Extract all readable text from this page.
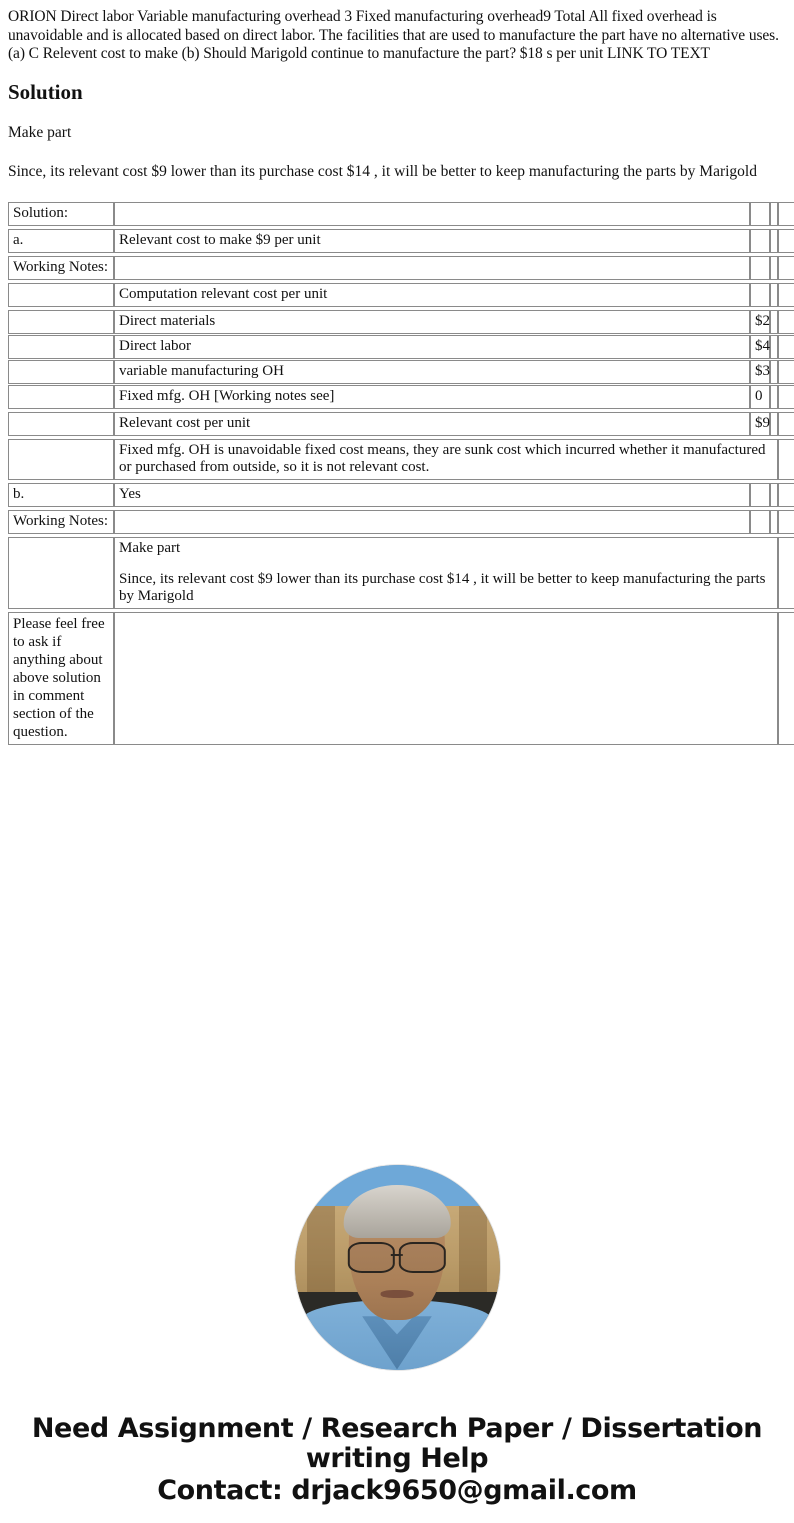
ORION Direct labor Variable manufacturing overhead 3 Fixed manufacturing overhead9 Total All fixed overhead is unavoidable and is allocated based on direct labor. The facilities that are used to manufacture the part have no alternative uses. (a) C Relevent cost to make (b) Should Marigold continue to manufacture the part? $18 s per unit LINK TO TEXT

Solution

Make part

Since, its relevant cost $9 lower than its purchase cost $14 , it will be better to keep manufacturing the parts by Marigold

Solution:				

a.	Relevant cost to make $9 per unit			

Working Notes:				

	Computation relevant cost per unit			

	Direct materials	$2		

	Direct labor	$4		

	variable manufacturing OH	$3		

	Fixed mfg. OH [Working notes see]	0		

	Relevant cost per unit	$9		

	Fixed mfg. OH is unavoidable fixed cost means, they are sunk cost which incurred whether it manufactured or purchased from outside, so it is not relevant cost.			

b.	Yes			

Working Notes:				

	Make part
Since, its relevant cost $9 lower than its purchase cost $14 , it will be better to keep manufacturing the parts by Marigold			

Please feel free to ask if anything about above solution in comment section of the question.				
Need Assignment / Research Paper / Dissertation
writing Help
Contact: drjack9650@gmail.com
